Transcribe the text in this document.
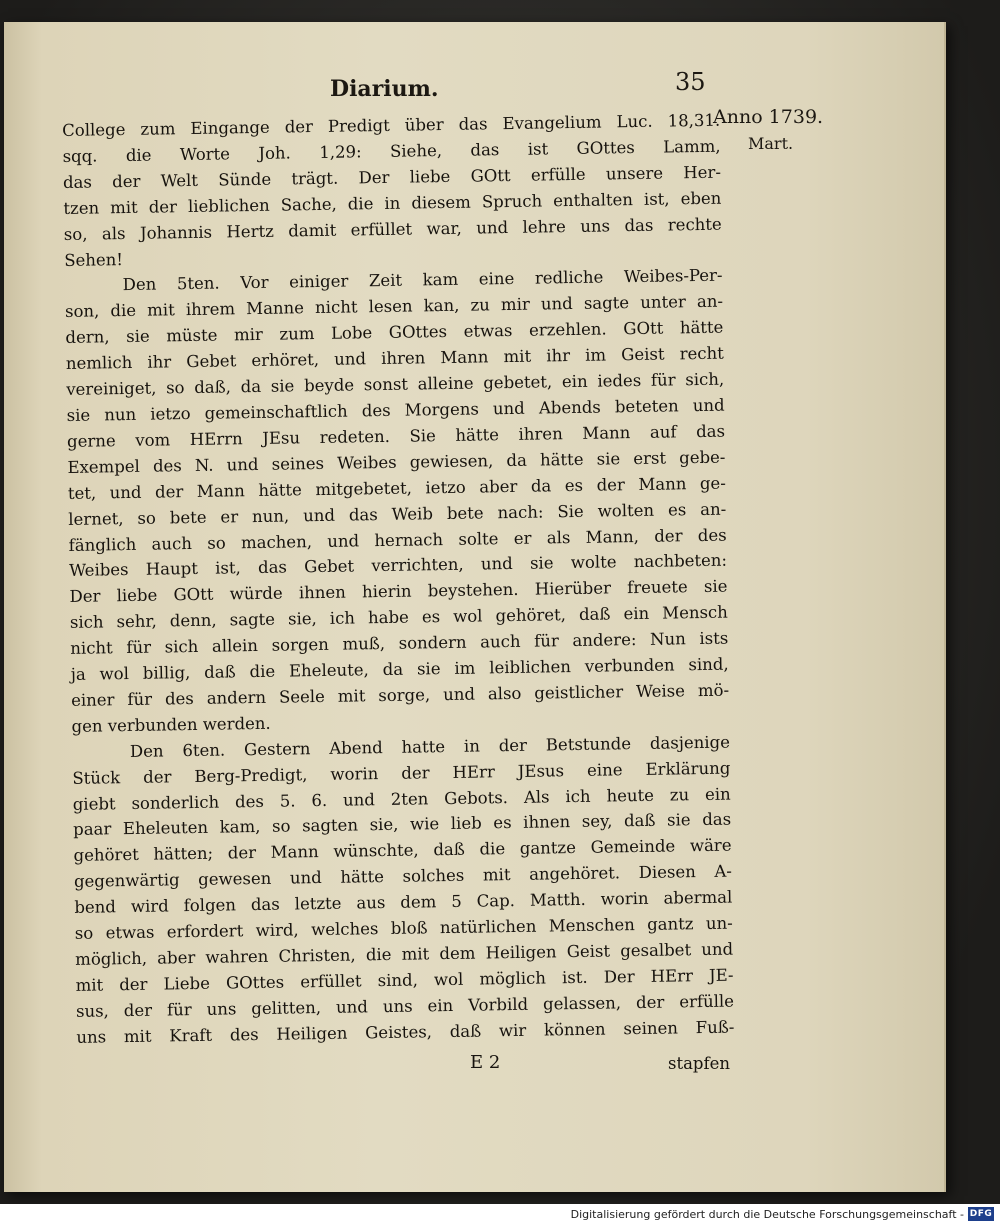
Diarium.	35
Anno 1739.
Mart.
College zum Eingange der Predigt über das Evangelium Luc. 18,31.
sqq. die Worte Joh. 1,29: Siehe, das ist GOttes Lamm,
das der Welt Sünde trägt. Der liebe GOtt erfülle unsere Her-
tzen mit der lieblichen Sache, die in diesem Spruch enthalten ist, eben
so, als Johannis Hertz damit erfüllet war, und lehre uns das rechte
Sehen!
Den 5ten. Vor einiger Zeit kam eine redliche Weibes-Per-
son, die mit ihrem Manne nicht lesen kan, zu mir und sagte unter an-
dern, sie müste mir zum Lobe GOttes etwas erzehlen. GOtt hätte
nemlich ihr Gebet erhöret, und ihren Mann mit ihr im Geist recht
vereiniget, so daß, da sie beyde sonst alleine gebetet, ein iedes für sich,
sie nun ietzo gemeinschaftlich des Morgens und Abends beteten und
gerne vom HErrn JEsu redeten. Sie hätte ihren Mann auf das
Exempel des N. und seines Weibes gewiesen, da hätte sie erst gebe-
tet, und der Mann hätte mitgebetet, ietzo aber da es der Mann ge-
lernet, so bete er nun, und das Weib bete nach: Sie wolten es an-
fänglich auch so machen, und hernach solte er als Mann, der des
Weibes Haupt ist, das Gebet verrichten, und sie wolte nachbeten:
Der liebe GOtt würde ihnen hierin beystehen. Hierüber freuete sie
sich sehr, denn, sagte sie, ich habe es wol gehöret, daß ein Mensch
nicht für sich allein sorgen muß, sondern auch für andere: Nun ists
ja wol billig, daß die Eheleute, da sie im leiblichen verbunden sind,
einer für des andern Seele mit sorge, und also geistlicher Weise mö-
gen verbunden werden.
Den 6ten. Gestern Abend hatte in der Betstunde dasjenige
Stück der Berg-Predigt, worin der HErr JEsus eine Erklärung
giebt sonderlich des 5. 6. und 2ten Gebots. Als ich heute zu ein
paar Eheleuten kam, so sagten sie, wie lieb es ihnen sey, daß sie das
gehöret hätten; der Mann wünschte, daß die gantze Gemeinde wäre
gegenwärtig gewesen und hätte solches mit angehöret. Diesen A-
bend wird folgen das letzte aus dem 5 Cap. Matth. worin abermal
so etwas erfordert wird, welches bloß natürlichen Menschen gantz un-
möglich, aber wahren Christen, die mit dem Heiligen Geist gesalbet und
mit der Liebe GOttes erfüllet sind, wol möglich ist. Der HErr JE-
sus, der für uns gelitten, und uns ein Vorbild gelassen, der erfülle
uns mit Kraft des Heiligen Geistes, daß wir können seinen Fuß-
E 2	stapfen
Digitalisierung gefördert durch die Deutsche Forschungsgemeinschaft - DFG
